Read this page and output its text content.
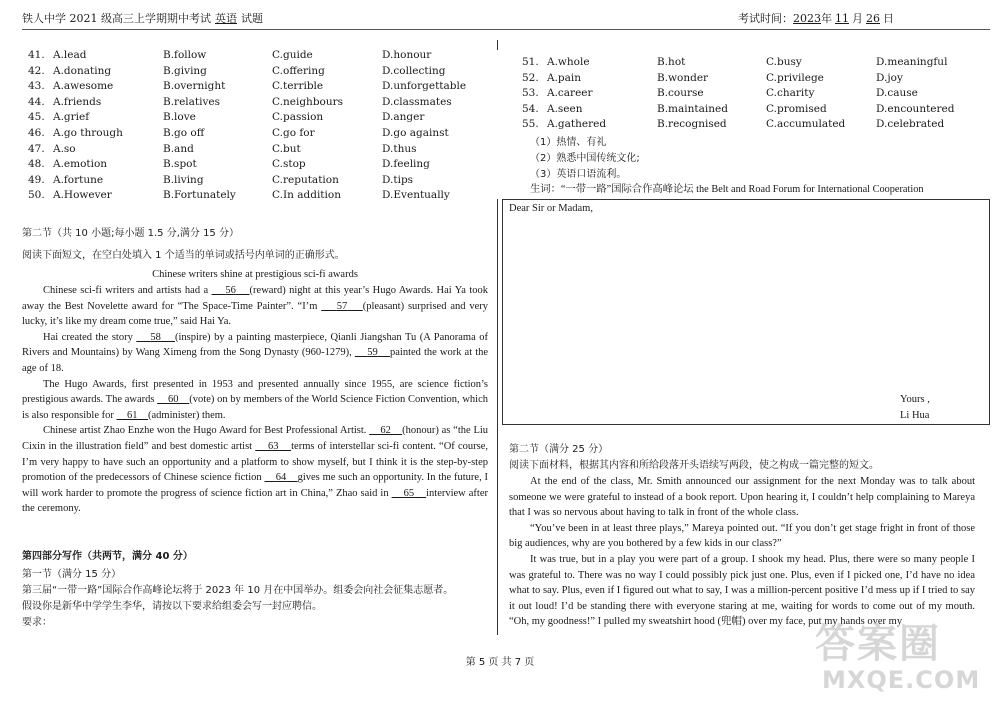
铁人中学 2021 级高三上学期期中考试 英语 试题	考试时间：2023年 11 月 26 日
41. A.lead	B.follow	C.guide	D.honour
42. A.donating	B.giving	C.offering	D.collecting
43. A.awesome	B.overnight	C.terrible	D.unforgettable
44. A.friends	B.relatives	C.neighbours	D.classmates
45. A.grief	B.love	C.passion	D.anger
46. A.go through	B.go off	C.go for	D.go against
47. A.so	B.and	C.but	D.thus
48. A.emotion	B.spot	C.stop	D.feeling
49. A.fortune	B.living	C.reputation	D.tips
50. A.However	B.Fortunately	C.In addition	D.Eventually
51. A.whole	B.hot	C.busy	D.meaningful
52. A.pain	B.wonder	C.privilege	D.joy
53. A.career	B.course	C.charity	D.cause
54. A.seen	B.maintained	C.promised	D.encountered
55. A.gathered	B.recognised	C.accumulated	D.celebrated
第二节（共 10 小题;每小题 1.5 分,满分 15 分）
阅读下面短文，在空白处填入 1 个适当的单词或括号内单词的正确形式。
Chinese writers shine at prestigious sci-fi awards

Chinese sci-fi writers and artists had a     56 (reward) night at this year’s Hugo Awards. Hai Ya took away the Best Novelette award for “The Space-Time Painter”. “I’m     57 (pleasant) surprised and very lucky, it’s like my dream come true,” said Hai Ya.

Hai created the story     58 (inspire) by a painting masterpiece, Qianli Jiangshan Tu (A Panorama of Rivers and Mountains) by Wang Ximeng from the Song Dynasty (960-1279),     59 painted the work at the age of 18.

The Hugo Awards, first presented in 1953 and presented annually since 1955, are science fiction’s prestigious awards. The awards     60 (vote) on by members of the World Science Fiction Convention, which is also responsible for     61 (administer) them.

Chinese artist Zhao Enzhe won the Hugo Award for Best Professional Artist.     62 (honour) as “the Liu Cixin in the illustration field” and best domestic artist     63 terms of interstellar sci-fi content. “Of course, I’m very happy to have such an opportunity and a platform to show myself, but I think it is the step-by-step promotion of the predecessors of Chinese science fiction     64 gives me such an opportunity. In the future, I will work harder to promote the progress of science fiction art in China,” Zhao said in     65 interview after the ceremony.

第四部分写作（共两节，满分 40 分）
第一节（满分 15 分）
第三届“一带一路”国际合作高峰论坛将于 2023 年 10 月在中国举办。组委会向社会征集志愿者。
假设你是新华中学学生李华，请按以下要求给组委会写一封应聘信。
要求：
（1）热情、有礼
（2）熟悉中国传统文化;
（3）英语口语流利。
生词：“一带一路”国际合作高峰论坛 the Belt and Road Forum for International Cooperation
Dear Sir or Madam,
Yours ,
Li Hua
第二节（满分 25 分）
阅读下面材料，根据其内容和所给段落开头语续写两段，使之构成一篇完整的短文。

At the end of the class, Mr. Smith announced our assignment for the next Monday was to talk about someone we were grateful to instead of a book report. Upon hearing it, I couldn’t help complaining to Mareya that I was so nervous about having to talk in front of the whole class.

“You’ve been in at least three plays,” Mareya pointed out. “If you don’t get stage fright in front of those big audiences, why are you bothered by a few kids in our class?”

It was true, but in a play you were part of a group. I shook my head. Plus, there were so many people I was grateful to. There was no way I could possibly pick just one. Plus, even if I picked one, I’d have no idea what to say. Plus, even if I figured out what to say, I was a million-percent positive I’d mess up if I tried to say it out loud! I’d be standing there with everyone staring at me, waiting for words to come out of my mouth. “Oh, my goodness!” I pulled my sweatshirt hood (兜帽) over my face, put my hands over my

第 5 页 共 7 页	答案圈
MXQE.COM
